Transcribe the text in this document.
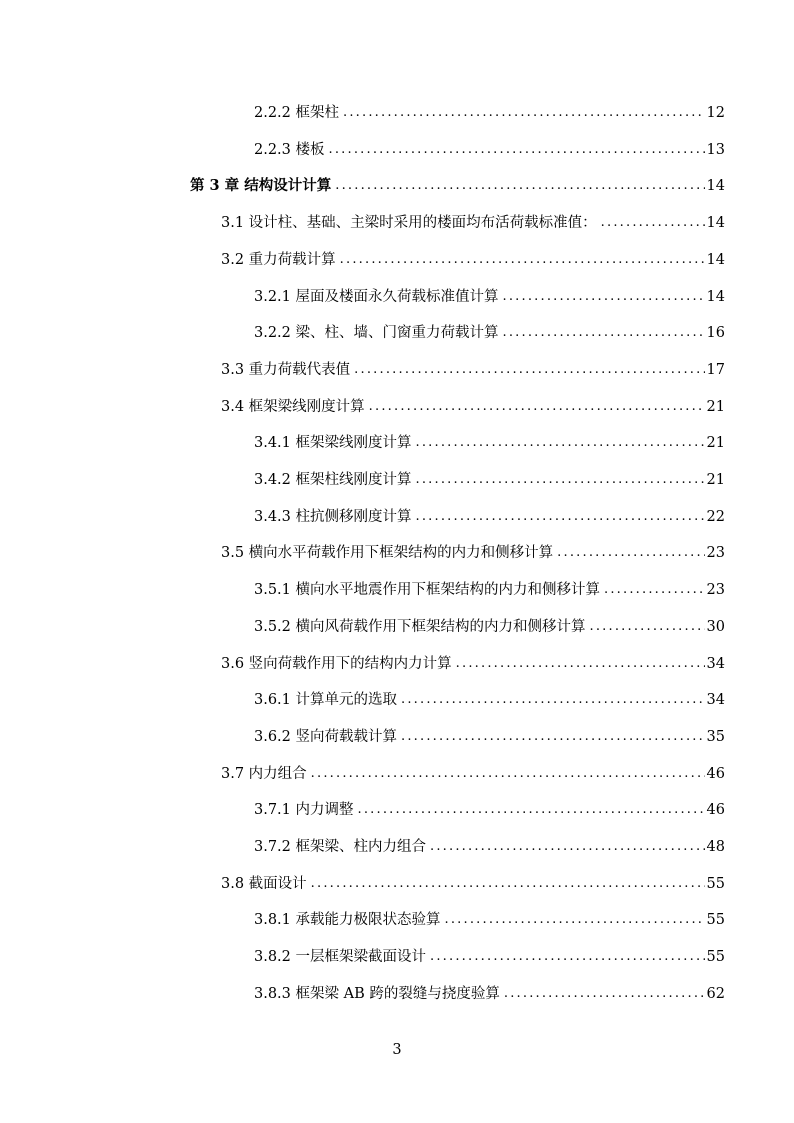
2.2.2 框架柱 .....	12
2.2.3 楼板 .....	13
第 3 章 结构设计计算 .....	14
3.1 设计柱、基础、主梁时采用的楼面均布活荷载标准值： .....	14
3.2 重力荷载计算 .....	14
3.2.1 屋面及楼面永久荷载标准值计算 .....	14
3.2.2 梁、柱、墙、门窗重力荷载计算 .....	16
3.3 重力荷载代表值 .....	17
3.4 框架梁线刚度计算 .....	21
3.4.1 框架梁线刚度计算 .....	21
3.4.2 框架柱线刚度计算 .....	21
3.4.3 柱抗侧移刚度计算 .....	22
3.5 横向水平荷载作用下框架结构的内力和侧移计算 .....	23
3.5.1 横向水平地震作用下框架结构的内力和侧移计算 .....	23
3.5.2 横向风荷载作用下框架结构的内力和侧移计算 .....	30
3.6 竖向荷载作用下的结构内力计算 .....	34
3.6.1 计算单元的选取 .....	34
3.6.2 竖向荷载载计算 .....	35
3.7 内力组合 .....	46
3.7.1 内力调整 .....	46
3.7.2 框架梁、柱内力组合 .....	48
3.8 截面设计 .....	55
3.8.1 承载能力极限状态验算 .....	55
3.8.2 一层框架梁截面设计 .....	55
3.8.3 框架梁 AB 跨的裂缝与挠度验算 .....	62
3
